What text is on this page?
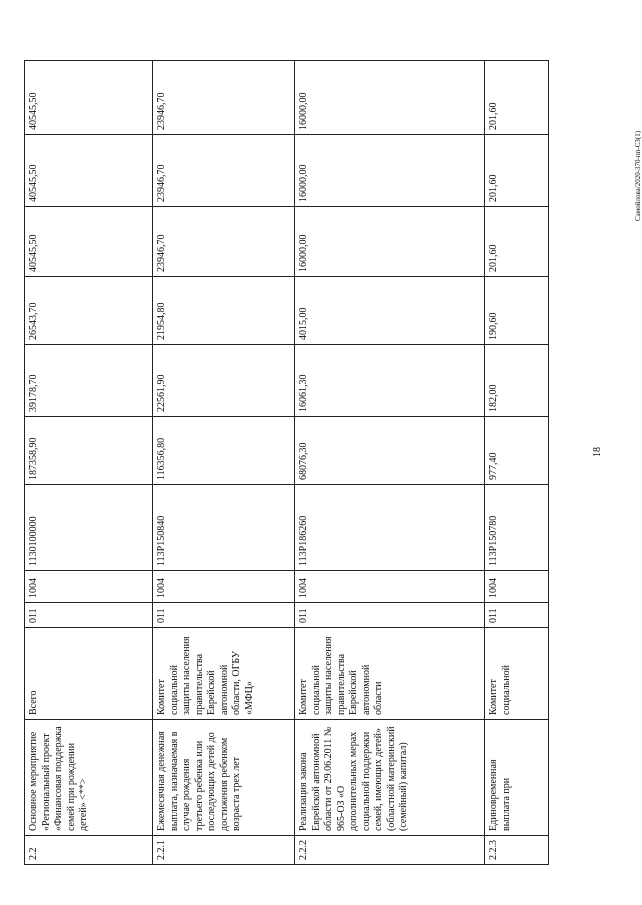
18
2.2	Основное мероприятие «Региональный проект «Финансовая поддержка семей при рождении детей» <**>	Всего	011	1004	1130100000	187358,90	39178,70	26543,70	40545,50	40545,50	40545,50
2.2.1	Ежемесячная денежная выплата, назначаемая в случае рождения третьего ребенка или последующих детей до достижения ребенком возраста трех лет	Комитет социальной защиты населения правительства Еврейской автономной области, ОГБУ «МФЦ»	011	1004	113P150840	116356,80	22561,90	21954,80	23946,70	23946,70	23946,70
2.2.2	Реализация закона Еврейской автономной области от 29.06.2011 № 965-ОЗ «О дополнительных мерах социальной поддержки семей, имеющих детей» (областной материнский (семейный) капитал)	Комитет социальной защиты населения правительства Еврейской автономной области	011	1004	113P186260	68076,30	16061,30	4015,00	16000,00	16000,00	16000,00
2.2.3	Единовременная выплата при	Комитет социальной	011	1004	113P150780	977,40	182,00	190,60	201,60	201,60	201,60
Самойлова/2020-370-пп-СЗ(1)
